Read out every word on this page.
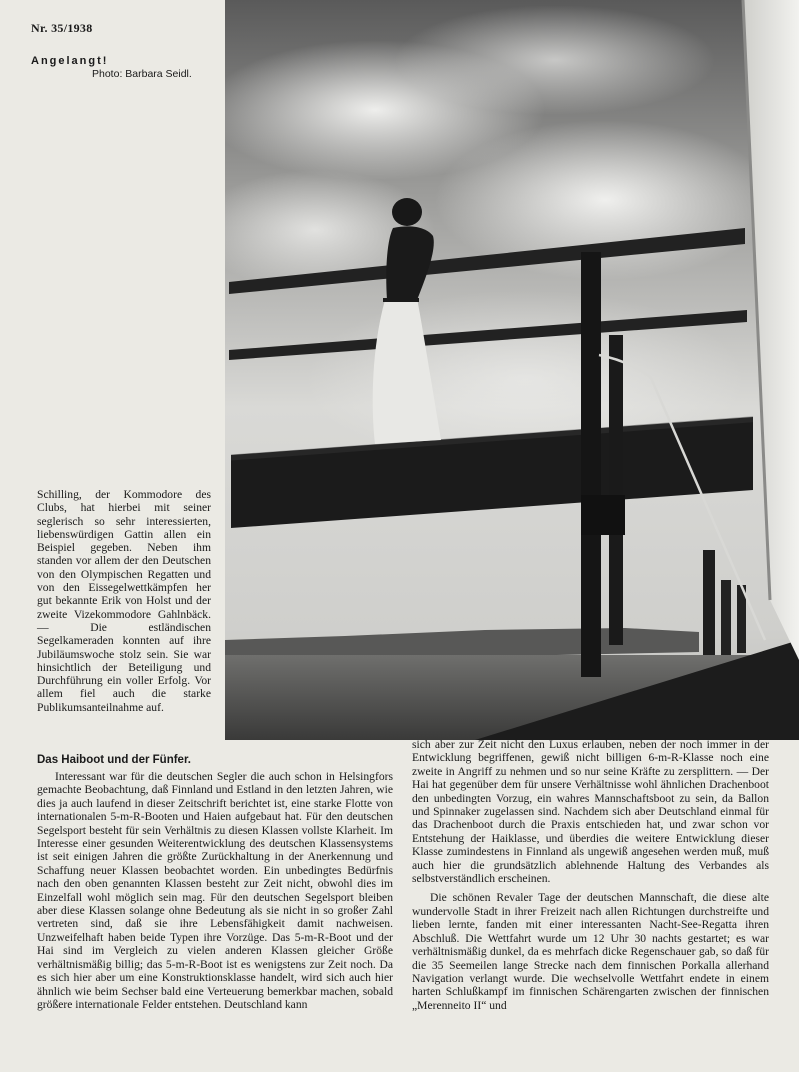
Nr. 35/1938
Angelangt!
Photo: Barbara Seidl.
Schilling, der Kommodore des Clubs, hat hierbei mit seiner seglerisch so sehr interessierten, liebenswürdigen Gattin allen ein Beispiel gegeben. Neben ihm standen vor allem der den Deutschen von den Olympischen Regatten und von den Eissegelwettkämpfen her gut bekannte Erik von Holst und der zweite Vizekommodore Gahlnbäck. — Die estländischen Segelkameraden konnten auf ihre Jubiläumswoche stolz sein. Sie war hinsichtlich der Beteiligung und Durchführung ein voller Erfolg. Vor allem fiel auch die starke Publikumsanteilnahme auf.
Das Haiboot und der Fünfer.

Interessant war für die deutschen Segler die auch schon in Helsingfors gemachte Beobachtung, daß Finnland und Estland in den letzten Jahren, wie dies ja auch laufend in dieser Zeitschrift berichtet ist, eine starke Flotte von internationalen 5-m-R-Booten und Haien aufgebaut hat. Für den deutschen Segelsport besteht für sein Verhältnis zu diesen Klassen vollste Klarheit. Im Interesse einer gesunden Weiterentwicklung des deutschen Klassensystems ist seit einigen Jahren die größte Zurückhaltung in der Anerkennung und Schaffung neuer Klassen beobachtet worden. Ein unbedingtes Bedürfnis nach den oben genannten Klassen besteht zur Zeit nicht, obwohl dies im Einzelfall wohl möglich sein mag. Für den deutschen Segelsport bleiben aber diese Klassen solange ohne Bedeutung als sie nicht in so großer Zahl vertreten sind, daß sie ihre Lebensfähigkeit damit nachweisen. Unzweifelhaft haben beide Typen ihre Vorzüge. Das 5-m-R-Boot und der Hai sind im Vergleich zu vielen anderen Klassen gleicher Größe verhältnismäßig billig; das 5-m-R-Boot ist es wenigstens zur Zeit noch. Da es sich hier aber um eine Konstruktionsklasse handelt, wird sich auch hier ähnlich wie beim Sechser bald eine Verteuerung bemerkbar machen, sobald größere internationale Felder entstehen. Deutschland kann

sich aber zur Zeit nicht den Luxus erlauben, neben der noch immer in der Entwicklung begriffenen, gewiß nicht billigen 6-m-R-Klasse noch eine zweite in Angriff zu nehmen und so nur seine Kräfte zu zersplittern. — Der Hai hat gegenüber dem für unsere Verhältnisse wohl ähnlichen Drachenboot den unbedingten Vorzug, ein wahres Mannschaftsboot zu sein, da Ballon und Spinnaker zugelassen sind. Nachdem sich aber Deutschland einmal für das Drachenboot durch die Praxis entschieden hat, und zwar schon vor Entstehung der Haiklasse, und überdies die weitere Entwicklung dieser Klasse zumindestens in Finnland als ungewiß angesehen werden muß, muß auch hier die grundsätzlich ablehnende Haltung des Verbandes als selbstverständlich erscheinen.

Die schönen Revaler Tage der deutschen Mannschaft, die diese alte wundervolle Stadt in ihrer Freizeit nach allen Richtungen durchstreifte und lieben lernte, fanden mit einer interessanten Nacht-See-Regatta ihren Abschluß. Die Wettfahrt wurde um 12 Uhr 30 nachts gestartet; es war verhältnismäßig dunkel, da es mehrfach dicke Regenschauer gab, so daß für die 35 Seemeilen lange Strecke nach dem finnischen Porkalla allerhand Navigation verlangt wurde. Die wechselvolle Wettfahrt endete in einem harten Schlußkampf im finnischen Schärengarten zwischen der finnischen „Merenneito II“ und
